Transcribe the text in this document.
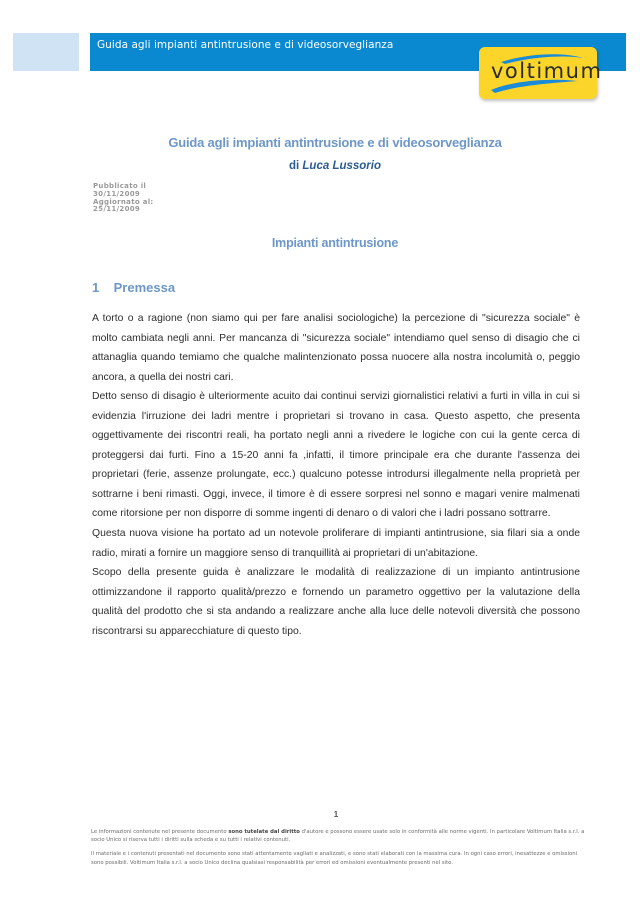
Guida agli impianti antintrusione e di videosorveglianza
voltimum
Guida agli impianti antintrusione e di videosorveglianza
di Luca Lussorio
Pubblicato il
30/11/2009
Aggiornato al:
25/11/2009
Impianti antintrusione
1 Premessa

A torto o a ragione (non siamo qui per fare analisi sociologiche) la percezione di "sicurezza sociale" è molto cambiata negli anni. Per mancanza di "sicurezza sociale" intendiamo quel senso di disagio che ci attanaglia quando temiamo che qualche malintenzionato possa nuocere alla nostra incolumità o, peggio ancora, a quella dei nostri cari.

Detto senso di disagio è ulteriormente acuito dai continui servizi giornalistici relativi a furti in villa in cui si evidenzia l'irruzione dei ladri mentre i proprietari si trovano in casa. Questo aspetto, che presenta oggettivamente dei riscontri reali, ha portato negli anni a rivedere le logiche con cui la gente cerca di proteggersi dai furti. Fino a 15-20 anni fa ,infatti, il timore principale era che durante l'assenza dei proprietari (ferie, assenze prolungate, ecc.) qualcuno potesse introdursi illegalmente nella proprietà per sottrarne i beni rimasti. Oggi, invece, il timore è di essere sorpresi nel sonno e magari venire malmenati come ritorsione per non disporre di somme ingenti di denaro o di valori che i ladri possano sottrarre.

Questa nuova visione ha portato ad un notevole proliferare di impianti antintrusione, sia filari sia a onde radio, mirati a fornire un maggiore senso di tranquillità ai proprietari di un'abitazione.

Scopo della presente guida è analizzare le modalità di realizzazione di un impianto antintrusione ottimizzandone il rapporto qualità/prezzo e fornendo un parametro oggettivo per la valutazione della qualità del prodotto che si sta andando a realizzare anche alla luce delle notevoli diversità che possono riscontrarsi su apparecchiature di questo tipo.

1

Le informazioni contenute nel presente documento sono tutelate dal diritto d'autore e possono essere usate solo in conformità alle norme vigenti. In particolare Voltimum Italia s.r.l. a socio Unico si riserva tutti i diritti sulla scheda e su tutti i relativi contenuti.

Il materiale e i contenuti presentati nel documento sono stati attentamente vagliati e analizzati, e sono stati elaborati con la massima cura. In ogni caso errori, inesattezze e omissioni sono possibili. Voltimum Italia s.r.l. a socio Unico declina qualsiasi responsabilità per errori ed omissioni eventualmente presenti nel sito.
